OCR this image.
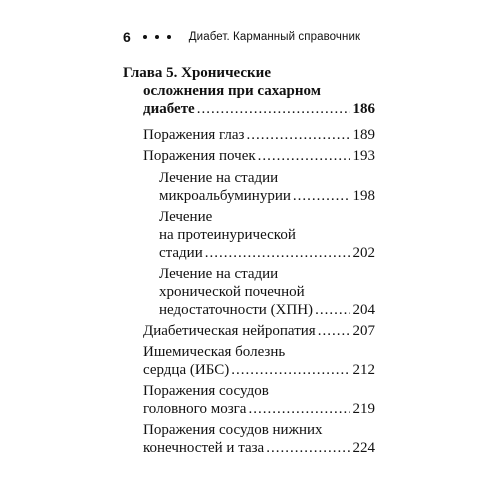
6	Диабет. Карманный справочник
Глава 5. Хронические
осложнения при сахарном
диабете .....	186
Поражения глаз .....	189
Поражения почек .....	193
Лечение на стадии
микроальбуминурии .....	198
Лечение
на протеинурической
стадии .....	202
Лечение на стадии
хронической почечной
недостаточности (ХПН) .....	204
Диабетическая нейропатия ..... 207
Ишемическая болезнь
сердца (ИБС) .....	212
Поражения сосудов
головного мозга .....	219
Поражения сосудов нижних
конечностей и таза .....	224
